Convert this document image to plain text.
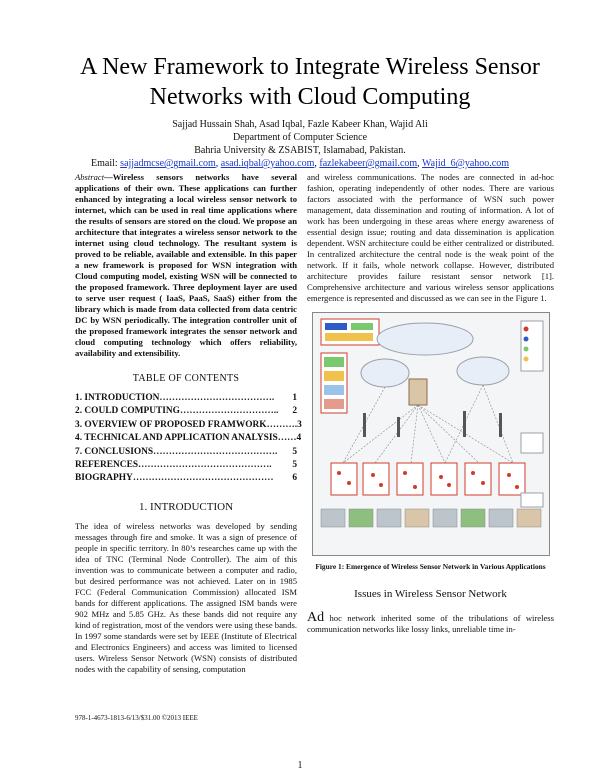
A New Framework to Integrate Wireless Sensor
Networks with Cloud Computing
Sajjad Hussain Shah, Asad Iqbal, Fazle Kabeer Khan, Wajid Ali
Department of Computer Science
Bahria University & ZSABIST, Islamabad, Pakistan.
Email: sajjadmcse@gmail.com, asad.iqbal@yahoo.com, fazlekabeer@gmail.com, Wajid_6@yahoo.com
Abstract—Wireless sensors networks have several applications of their own. These applications can further enhanced by integrating a local wireless sensor network to internet, which can be used in real time applications where the results of sensors are stored on the cloud. We propose an architecture that integrates a wireless sensor network to the internet using cloud technology. The resultant system is proved to be reliable, available and extensible. In this paper a new framework is proposed for WSN integration with Cloud computing model, existing WSN will be connected to the proposed framework. Three deployment layer are used to serve user request ( IaaS, PaaS, SaaS) either from the library which is made from data collected from data centric DC by WSN periodically. The integration controller unit of the proposed framework integrates the sensor network and cloud computing technology which offers reliability, availability and extensibility.
TABLE OF CONTENTS
1. INTRODUCTION ……………………………….	1
2. COULD COMPUTING …………………………..	2
3. OVERVIEW OF PROPOSED FRAMWORK ………. 3
4. TECHNICAL AND APPLICATION ANALYSIS …… 4
7. CONCLUSIONS ………………………………….	5
REFERENCES …………………………………….	5
BIOGRAPHY ………………………………………	6
1. INTRODUCTION
The idea of wireless networks was developed by sending messages through fire and smoke. It was a sign of presence of people in specific territory. In 80’s researches came up with the idea of TNC (Terminal Node Controller). The aim of this invention was to communicate between a computer and radio, but desired performance was not achieved. Later on in 1985 FCC (Federal Communication Commission) allocated ISM bands for different applications. The assigned ISM bands were 902 MHz and 5.85 GHz. As these bands did not require any kind of registration, most of the vendors were using these bands. In 1997 some standards were set by IEEE (Institute of Electrical and Electronics Engineers) and access was limited to licensed users. Wireless Sensor Network (WSN) consists of distributed nodes with the capability of sensing, computation
and wireless communications. The nodes are connected in ad-hoc fashion, operating independently of other nodes. There are various factors associated with the performance of WSN such power management, data dissemination and routing of information. A lot of work has been undergoing in these areas where energy awareness of essential design issue; routing and data dissemination is application dependent. WSN architecture could be either centralized or distributed. In centralized architecture the central node is the weak point of the network. If it fails, whole network collapse. However, distributed architecture provides failure resistant sensor network [1]. Comprehensive architecture and various wireless sensor applications emergence is represented and discussed as we can see in the Figure 1.
Figure 1: Emergence of Wireless Sensor Network in Various Applications
Issues in Wireless Sensor Network
Ad hoc network inherited some of the tribulations of wireless communication networks like lossy links, unreliable time in-
978-1-4673-1813-6/13/$31.00 ©2013 IEEE
1
